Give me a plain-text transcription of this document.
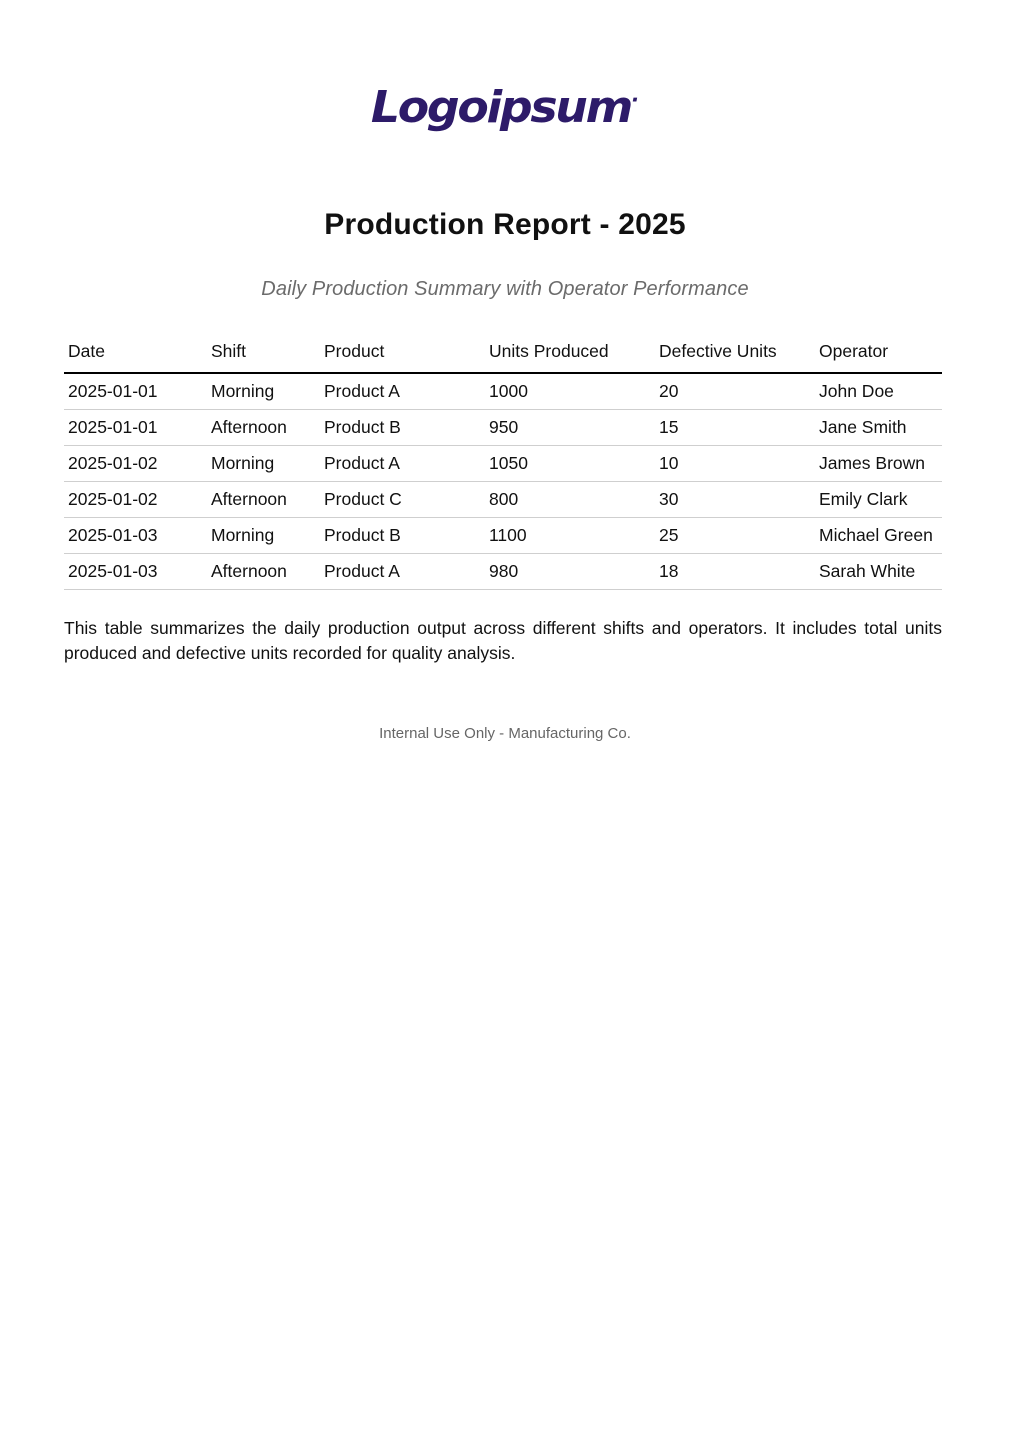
Logoipsum·
Production Report - 2025
Daily Production Summary with Operator Performance
Date	Shift	Product	Units Produced	Defective Units	Operator
2025-01-01	Morning	Product A	1000	20	John Doe
2025-01-01	Afternoon	Product B	950	15	Jane Smith
2025-01-02	Morning	Product A	1050	10	James Brown
2025-01-02	Afternoon	Product C	800	30	Emily Clark
2025-01-03	Morning	Product B	1100	25	Michael Green
2025-01-03	Afternoon	Product A	980	18	Sarah White
This table summarizes the daily production output across different shifts and operators. It includes total units produced and defective units recorded for quality analysis.
Internal Use Only - Manufacturing Co.
